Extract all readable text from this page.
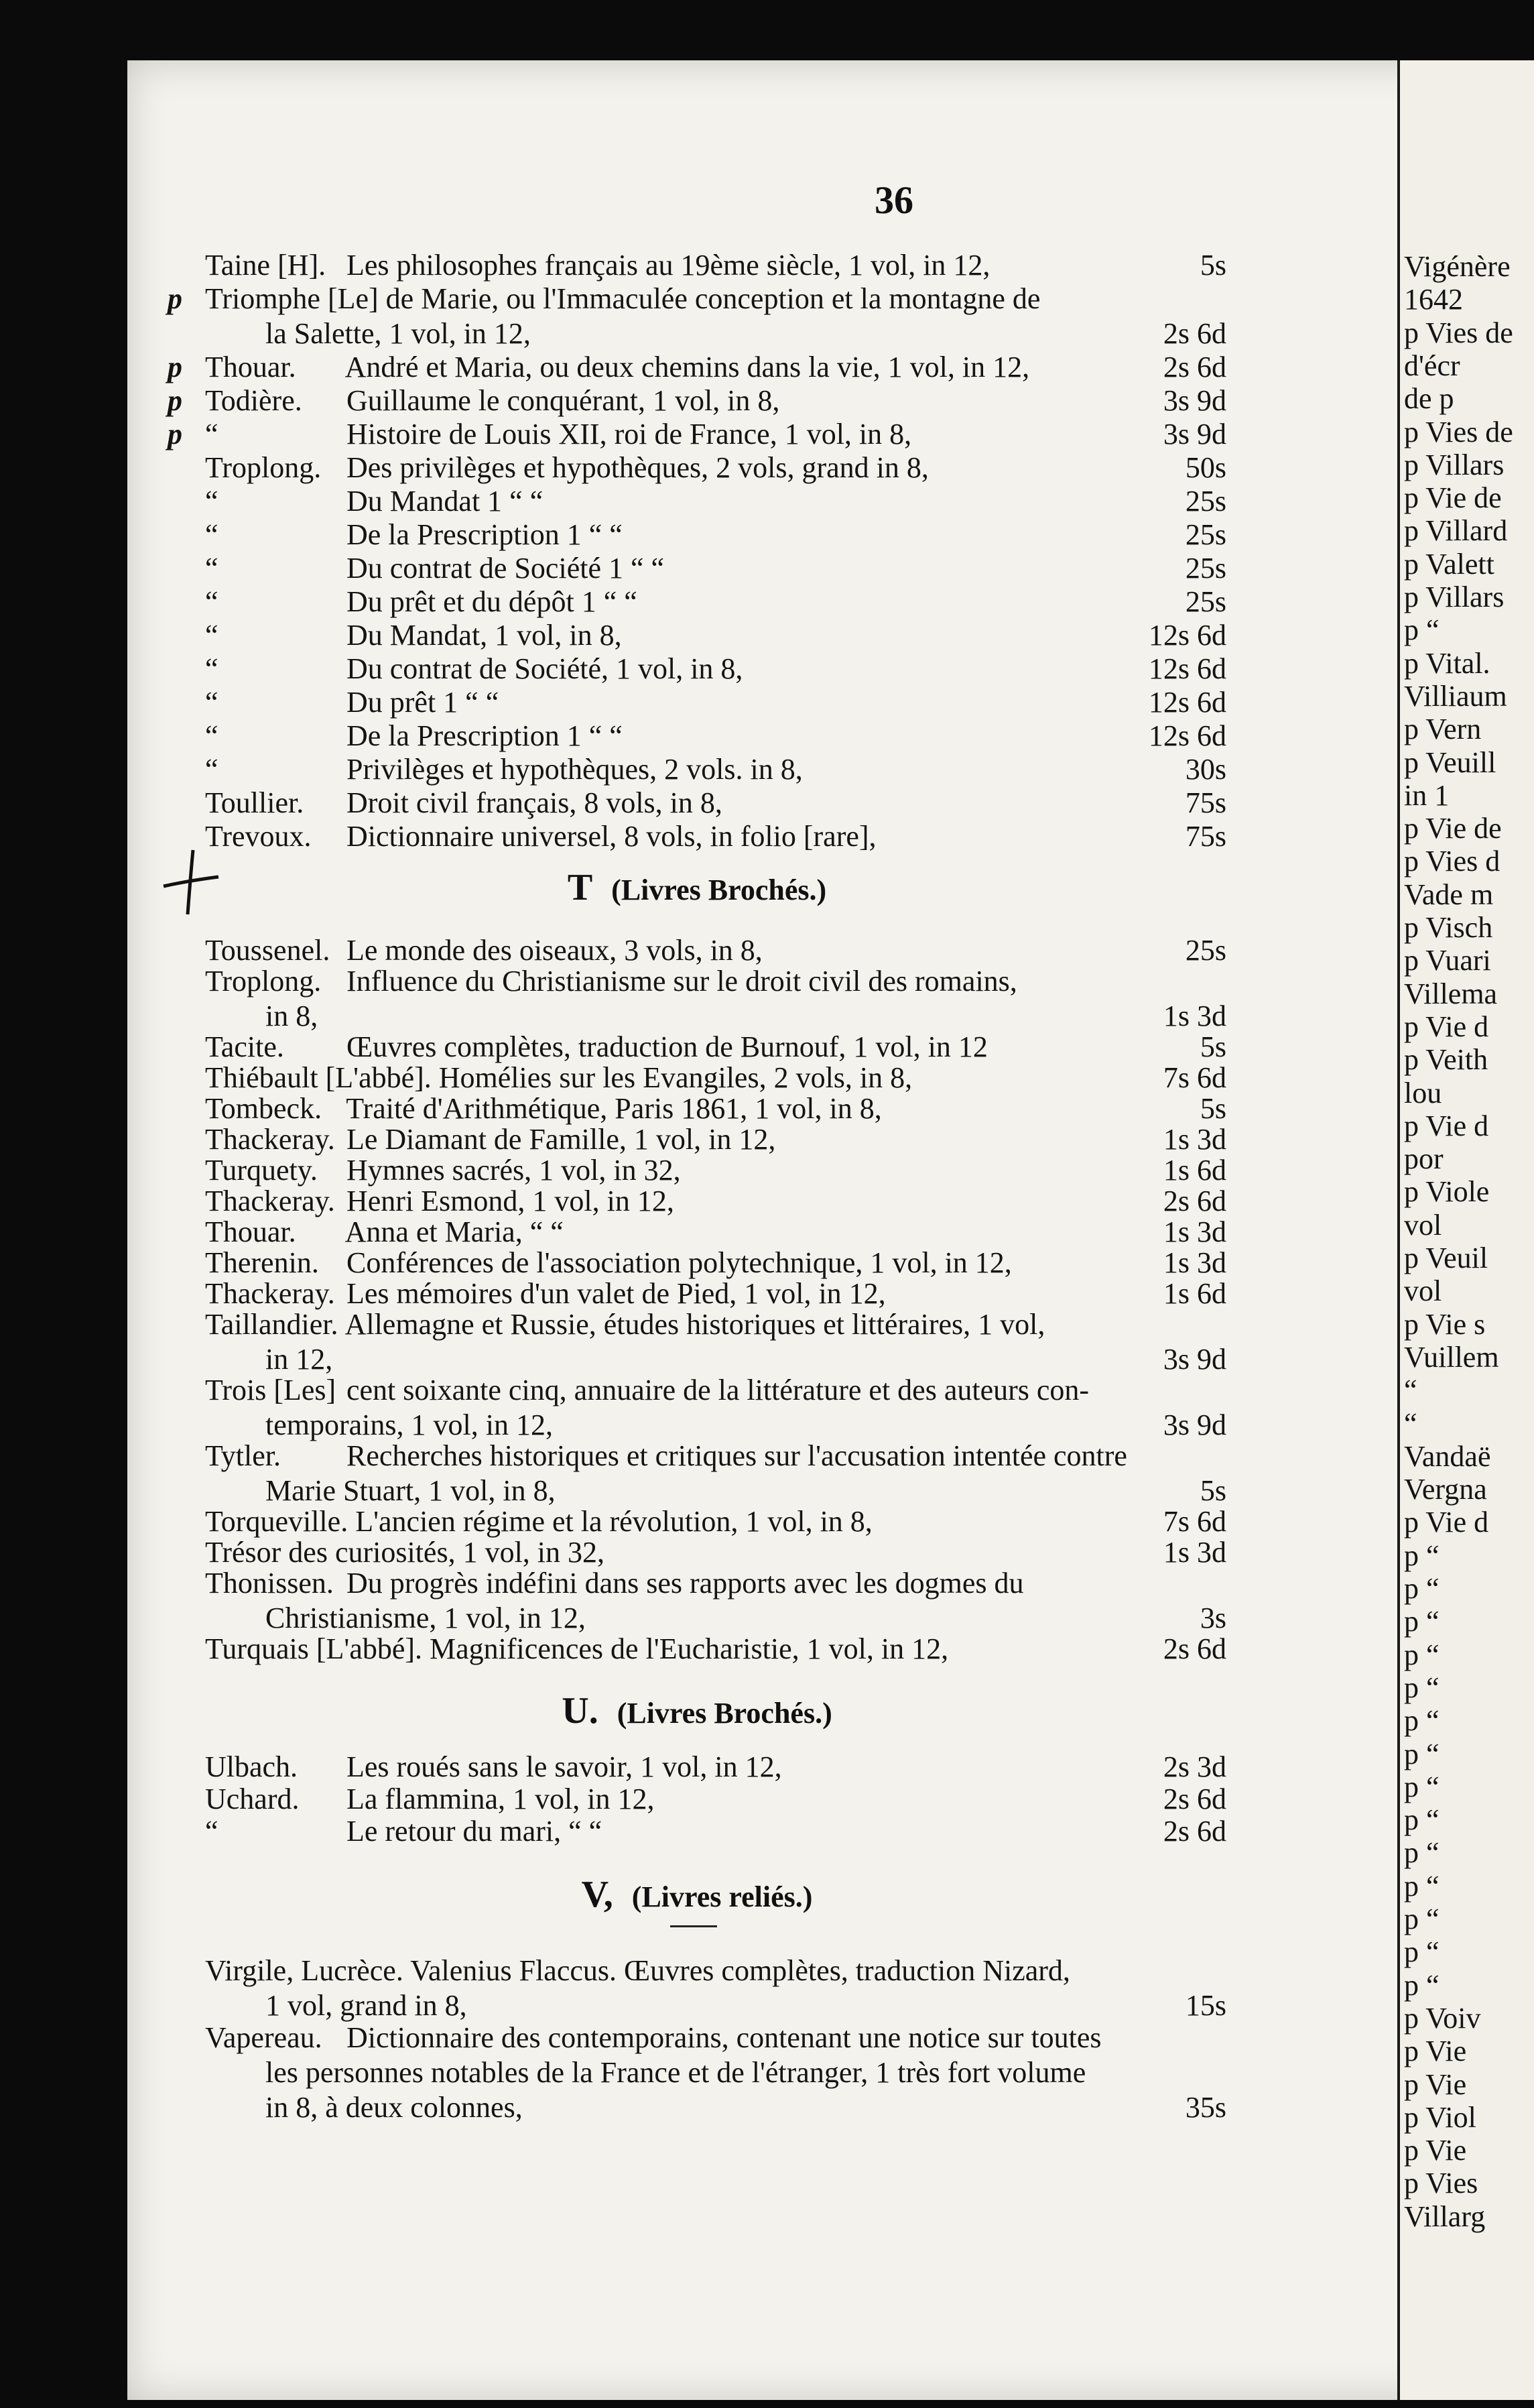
36
Taine [H]. Les philosophes français au 19ème siècle, 1 vol, in 12,	5s
p Triomphe [Le] de Marie, ou l'Immaculée conception et la montagne de
la Salette, 1 vol, in 12,	2s 6d
p Thouar. André et Maria, ou deux chemins dans la vie, 1 vol, in 12,	2s 6d
p Todière. Guillaume le conquérant, 1 vol, in 8,	3s 9d
p “	Histoire de Louis XII, roi de France, 1 vol, in 8,	3s 9d
Troplong. Des privilèges et hypothèques, 2 vols, grand in 8,	50s
“	Du Mandat 1 “ “	25s
“	De la Prescription 1 “ “	25s
“	Du contrat de Société 1 “ “	25s
“	Du prêt et du dépôt 1 “ “	25s
“	Du Mandat, 1 vol, in 8,	12s 6d
“	Du contrat de Société, 1 vol, in 8,	12s 6d
“	Du prêt 1 “ “	12s 6d
“	De la Prescription 1 “ “	12s 6d
“	Privilèges et hypothèques, 2 vols. in 8,	30s
Toullier. Droit civil français, 8 vols, in 8,	75s
Trevoux. Dictionnaire universel, 8 vols, in folio [rare],	75s
T (Livres Brochés.)
Toussenel. Le monde des oiseaux, 3 vols, in 8,	25s
Troplong. Influence du Christianisme sur le droit civil des romains,
in 8,	1s 3d
Tacite. Œuvres complètes, traduction de Burnouf, 1 vol, in 12	5s
Thiébault [L'abbé]. Homélies sur les Evangiles, 2 vols, in 8,	7s 6d
Tombeck. Traité d'Arithmétique, Paris 1861, 1 vol, in 8,	5s
Thackeray. Le Diamant de Famille, 1 vol, in 12,	1s 3d
Turquety. Hymnes sacrés, 1 vol, in 32,	1s 6d
Thackeray. Henri Esmond, 1 vol, in 12,	2s 6d
Thouar. Anna et Maria, “ “	1s 3d
Therenin. Conférences de l'association polytechnique, 1 vol, in 12,	1s 3d
Thackeray. Les mémoires d'un valet de Pied, 1 vol, in 12,	1s 6d
Taillandier. Allemagne et Russie, études historiques et littéraires, 1 vol,
in 12,	3s 9d
Trois [Les] cent soixante cinq, annuaire de la littérature et des auteurs con-
temporains, 1 vol, in 12,	3s 9d
Tytler. Recherches historiques et critiques sur l'accusation intentée contre
Marie Stuart, 1 vol, in 8,	5s
Torqueville. L'ancien régime et la révolution, 1 vol, in 8,	7s 6d
Trésor des curiosités, 1 vol, in 32,	1s 3d
Thonissen. Du progrès indéfini dans ses rapports avec les dogmes du
Christianisme, 1 vol, in 12,	3s
Turquais [L'abbé]. Magnificences de l'Eucharistie, 1 vol, in 12,	2s 6d
U. (Livres Brochés.)
Ulbach. Les roués sans le savoir, 1 vol, in 12,	2s 3d
Uchard. La flammina, 1 vol, in 12,	2s 6d
“	Le retour du mari, “ “	2s 6d
V, (Livres reliés.)
Virgile, Lucrèce. Valenius Flaccus. Œuvres complètes, traduction Nizard,
1 vol, grand in 8,	15s
Vapereau. Dictionnaire des contemporains, contenant une notice sur toutes
les personnes notables de la France et de l'étranger, 1 très fort volume
in 8, à deux colonnes,	35s
Vigénère
1642
p Vies de
d'écr
de p
p Vies de
p Villars
p Vie de
p Villard
p Valett
p Villars
p “
p Vital.
Villiaum
p Vern
p Veuill
in 1
p Vie de
p Vies d
Vade m
p Visch
p Vuari
Villema
p Vie d
p Veith
lou
p Vie d
por
p Viole
vol
p Veuil
vol
p Vie s
Vuillem
“
“
Vandaë
Vergna
p Vie d
p “
p “
p “
p “
p “
p “
p “
p “
p “
p “
p “
p “
p “
p “
p Voiv
p Vie
p Vie
p Viol
p Vie
p Vies
Villarg
